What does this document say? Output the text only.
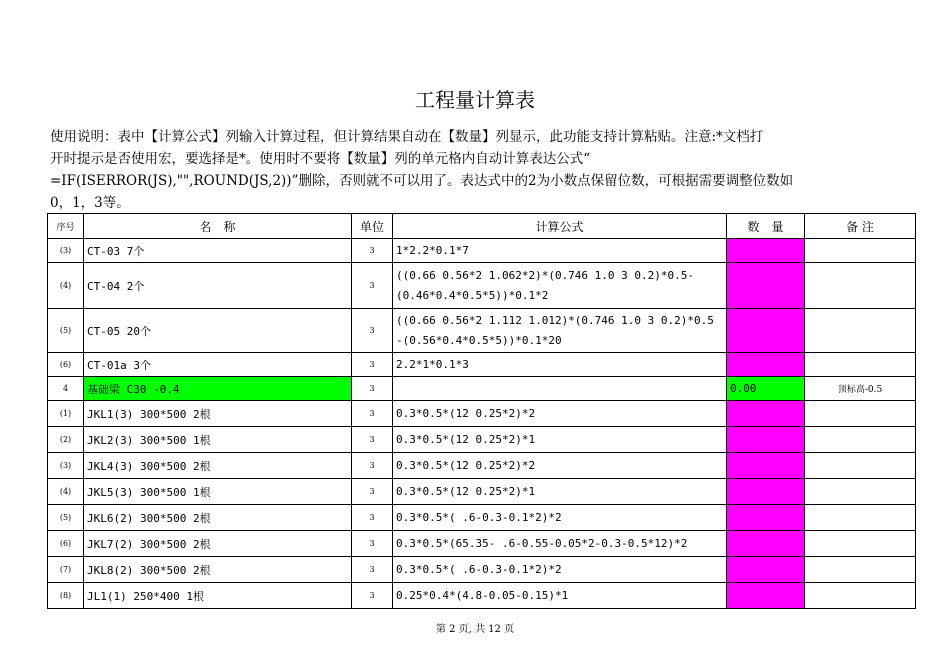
工程量计算表

使用说明：表中【计算公式】列输入计算过程，但计算结果自动在【数量】列显示，此功能支持计算粘贴。注意:*文档打

开时提示是否使用宏，要选择是*。使用时不要将【数量】列的单元格内自动计算表达公式“

=IF(ISERROR(JS),"",ROUND(JS,2))”删除，否则就不可以用了。表达式中的2为小数点保留位数，可根据需要调整位数如

0，1，3等。

序号	名　称	单位	计算公式	数　量	备 注
(3)	CT-03 7个	3	1*2.2*0.1*7		
(4)	CT-04 2个	3	((0.66 0.56*2 1.062*2)*(0.746 1.0 3 0.2)*0.5-(0.46*0.4*0.5*5))*0.1*2		
(5)	CT-05 20个	3	((0.66 0.56*2 1.112 1.012)*(0.746 1.0 3 0.2)*0.5 -(0.56*0.4*0.5*5))*0.1*20		
(6)	CT-01a 3个	3	2.2*1*0.1*3		
4	基础梁 C30 -0.4	3		0.00	顶标高-0.5
(1)	JKL1(3) 300*500 2根	3	0.3*0.5*(12 0.25*2)*2		
(2)	JKL2(3) 300*500 1根	3	0.3*0.5*(12 0.25*2)*1		
(3)	JKL4(3) 300*500 2根	3	0.3*0.5*(12 0.25*2)*2		
(4)	JKL5(3) 300*500 1根	3	0.3*0.5*(12 0.25*2)*1		
(5)	JKL6(2) 300*500 2根	3	0.3*0.5*( .6-0.3-0.1*2)*2		
(6)	JKL7(2) 300*500 2根	3	0.3*0.5*(65.35- .6-0.55-0.05*2-0.3-0.5*12)*2		
(7)	JKL8(2) 300*500 2根	3	0.3*0.5*( .6-0.3-0.1*2)*2		
(8)	JL1(1) 250*400 1根	3	0.25*0.4*(4.8-0.05-0.15)*1		
第 2 页, 共 12 页
